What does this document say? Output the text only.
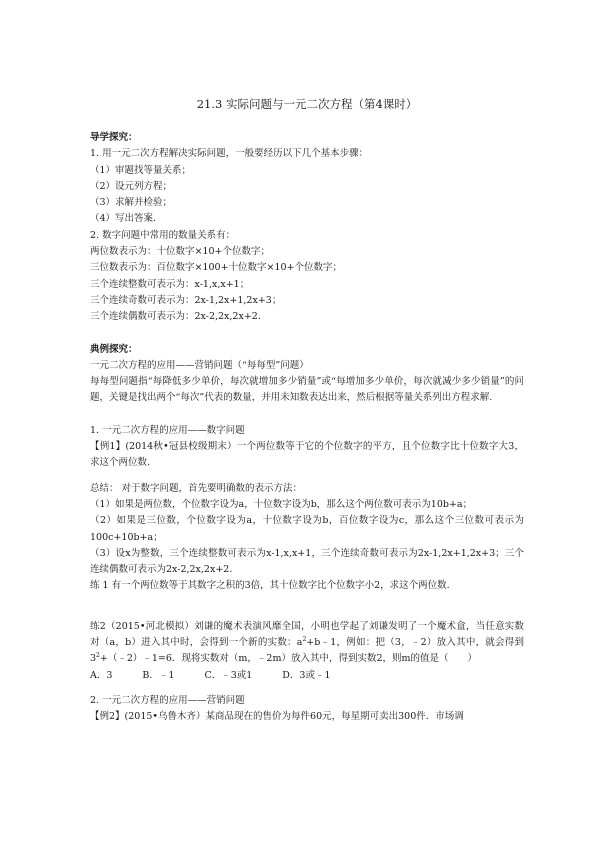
21.3 实际问题与一元二次方程（第4课时）

导学探究：

1. 用一元二次方程解决实际问题，一般要经历以下几个基本步骤：

（1）审题找等量关系；

（2）设元列方程；

（3）求解并检验；

（4）写出答案.

2. 数字问题中常用的数量关系有：

两位数表示为：十位数字×10+个位数字；

三位数表示为：百位数字×100+十位数字×10+个位数字；

三个连续整数可表示为：x-1,x,x+1；

三个连续奇数可表示为：2x-1,2x+1,2x+3；

三个连续偶数可表示为：2x-2,2x,2x+2.

典例探究：

一元二次方程的应用——营销问题（“每每型”问题）

每每型问题指“每降低多少单价，每次就增加多少销量”或“每增加多少单价，每次就减少多少销量”的问题，关键是找出两个“每次”代表的数量，并用未知数表达出来，然后根据等量关系列出方程求解.

1. 一元二次方程的应用——数字问题

【例1】(2014秋•冠县校级期末）一个两位数等于它的个位数字的平方，且个位数字比十位数字大3，求这个两位数.

总结： 对于数字问题，首先要明确数的表示方法：

（1）如果是两位数，个位数字设为a，十位数字设为b，那么这个两位数可表示为10b+a；

（2）如果是三位数，个位数字设为a，十位数字设为b，百位数字设为c，那么这个三位数可表示为100c+10b+a；

（3）设x为整数，三个连续整数可表示为x-1,x,x+1，三个连续奇数可表示为2x-1,2x+1,2x+3；三个连续偶数可表示为2x-2,2x,2x+2.

练 1 有一个两位数等于其数字之积的3倍，其十位数字比个位数字小2，求这个两位数.

练2（2015•河北模拟）刘谦的魔术表演风靡全国，小明也学起了刘谦发明了一个魔术盒，当任意实数对（a，b）进入其中时，会得到一个新的实数：$a^2+b﹣1$，例如：把（3，﹣2）放入其中，就会得到$3^2+(﹣2)﹣1=6$．现将实数对（m，﹣2m）放入其中，得到实数2，则m的值是（　　）

A．3	B．﹣1	C．﹣3或1	D．3或﹣1

2. 一元二次方程的应用——营销问题

【例2】(2015•乌鲁木齐）某商品现在的售价为每件60元，每星期可卖出300件．市场调
